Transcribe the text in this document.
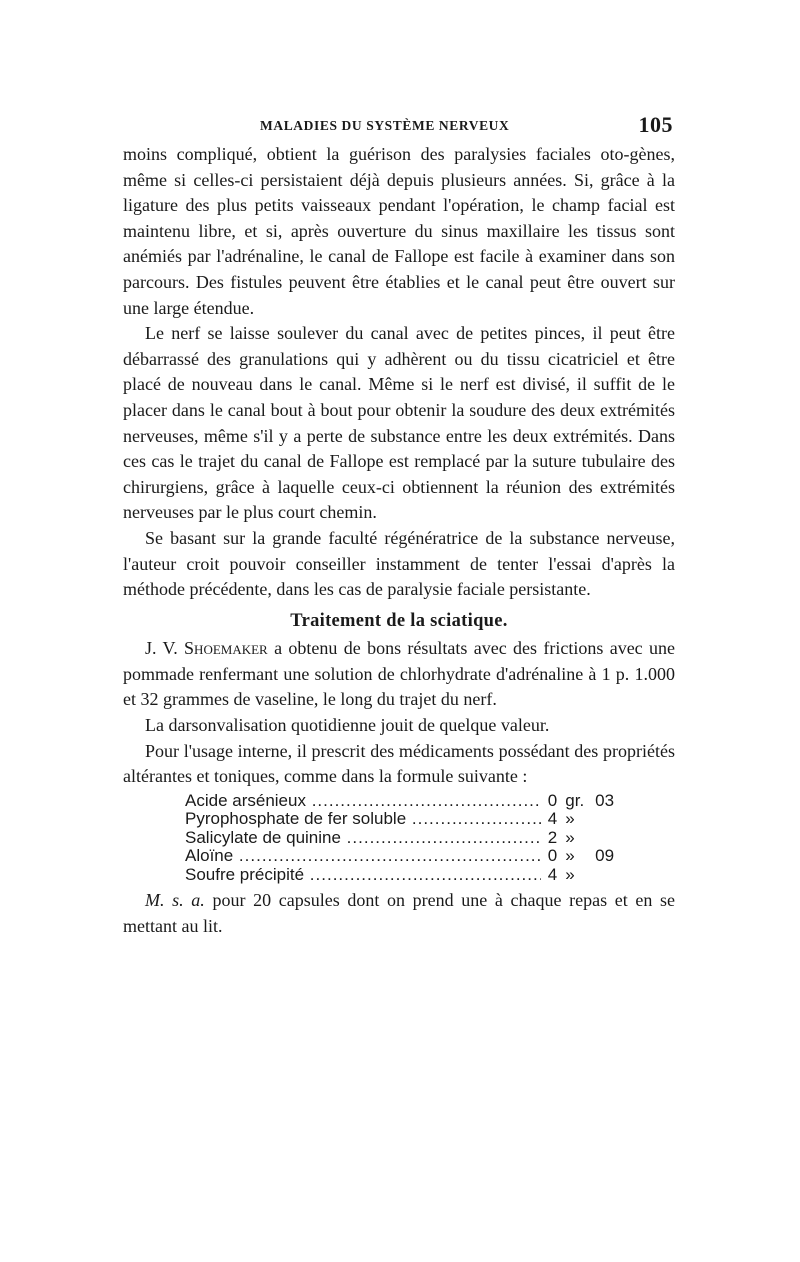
MALADIES DU SYSTÈME NERVEUX	105

moins compliqué, obtient la guérison des paralysies faciales oto-gènes, même si celles-ci persistaient déjà depuis plusieurs années. Si, grâce à la ligature des plus petits vaisseaux pendant l'opération, le champ facial est maintenu libre, et si, après ouverture du sinus maxillaire les tissus sont anémiés par l'adrénaline, le canal de Fallope est facile à examiner dans son parcours. Des fistules peuvent être établies et le canal peut être ouvert sur une large étendue.

Le nerf se laisse soulever du canal avec de petites pinces, il peut être débarrassé des granulations qui y adhèrent ou du tissu cicatriciel et être placé de nouveau dans le canal. Même si le nerf est divisé, il suffit de le placer dans le canal bout à bout pour obtenir la soudure des deux extrémités nerveuses, même s'il y a perte de substance entre les deux extrémités. Dans ces cas le trajet du canal de Fallope est remplacé par la suture tubulaire des chirurgiens, grâce à laquelle ceux-ci obtiennent la réunion des extrémités nerveuses par le plus court chemin.

Se basant sur la grande faculté régénératrice de la substance nerveuse, l'auteur croit pouvoir conseiller instamment de tenter l'essai d'après la méthode précédente, dans les cas de paralysie faciale persistante.

Traitement de la sciatique.

J. V. Shoemaker a obtenu de bons résultats avec des frictions avec une pommade renfermant une solution de chlorhydrate d'adrénaline à 1 p. 1.000 et 32 grammes de vaseline, le long du trajet du nerf.

La darsonvalisation quotidienne jouit de quelque valeur.

Pour l'usage interne, il prescrit des médicaments possédant des propriétés altérantes et toniques, comme dans la formule suivante :

Acide arsénieux .....	0 gr. 03
Pyrophosphate de fer soluble .....	4 »
Salicylate de quinine .....	2 »
Aloïne .....	0 »	09
Soufre précipité .....	4 »

M. s. a. pour 20 capsules dont on prend une à chaque repas et en se mettant au lit.
